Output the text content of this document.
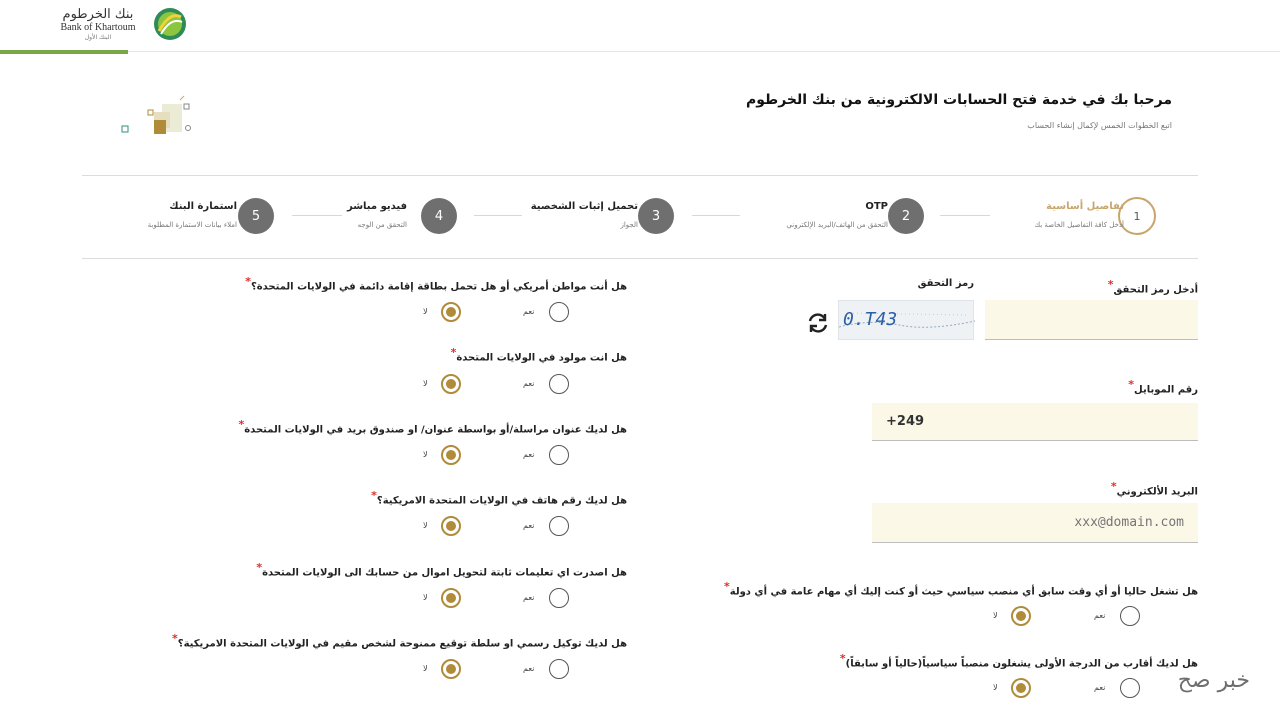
بنك الخرطوم
Bank of Khartoum
البنك الأول
مرحبا بك في خدمة فتح الحسابات الالكترونية من بنك الخرطوم
اتبع الخطوات الخمس لإكمال إنشاء الحساب
1
تفاصيل أساسية
أدخل كافة التفاصيل الخاصة بك
2
OTP
التحقق من الهاتف/البريد الإلكتروني
3
تحميل إثبات الشخصية
الجواز
4
فيديو مباشر
التحقق من الوجه
5
استمارة البنك
املاء بيانات الاستمارة المطلوبة
أدخل رمز التحقق*
رمز التحقق
0.T43
رقم الموبايل*
+249
البريد الألكتروني*
xxx@domain.com
هل تشغل حاليا أو أي وقت سابق أي منصب سياسي حيث أو كنت إليك أي مهام عامة في أي دولة*
نعم
لا
هل لديك أقارب من الدرجة الأولى يشغلون منصباً سياسياً(حالياً أو سابقاً)*
نعم
لا
هل أنت مواطن أمريكي أو هل تحمل بطاقة إقامة دائمة في الولايات المتحدة؟*
نعم
لا
هل انت مولود في الولايات المتحدة*
نعم
لا
هل لديك عنوان مراسلة/أو بواسطة عنوان/ او صندوق بريد في الولايات المتحدة*
نعم
لا
هل لديك رقم هاتف في الولايات المتحدة الامريكية؟*
نعم
لا
هل اصدرت اي تعليمات ثابتة لتحويل اموال من حسابك الى الولايات المتحدة*
نعم
لا
هل لديك توكيل رسمي او سلطة توقيع ممنوحة لشخص مقيم في الولايات المتحدة الامريكية؟*
نعم
لا	خبر صح
